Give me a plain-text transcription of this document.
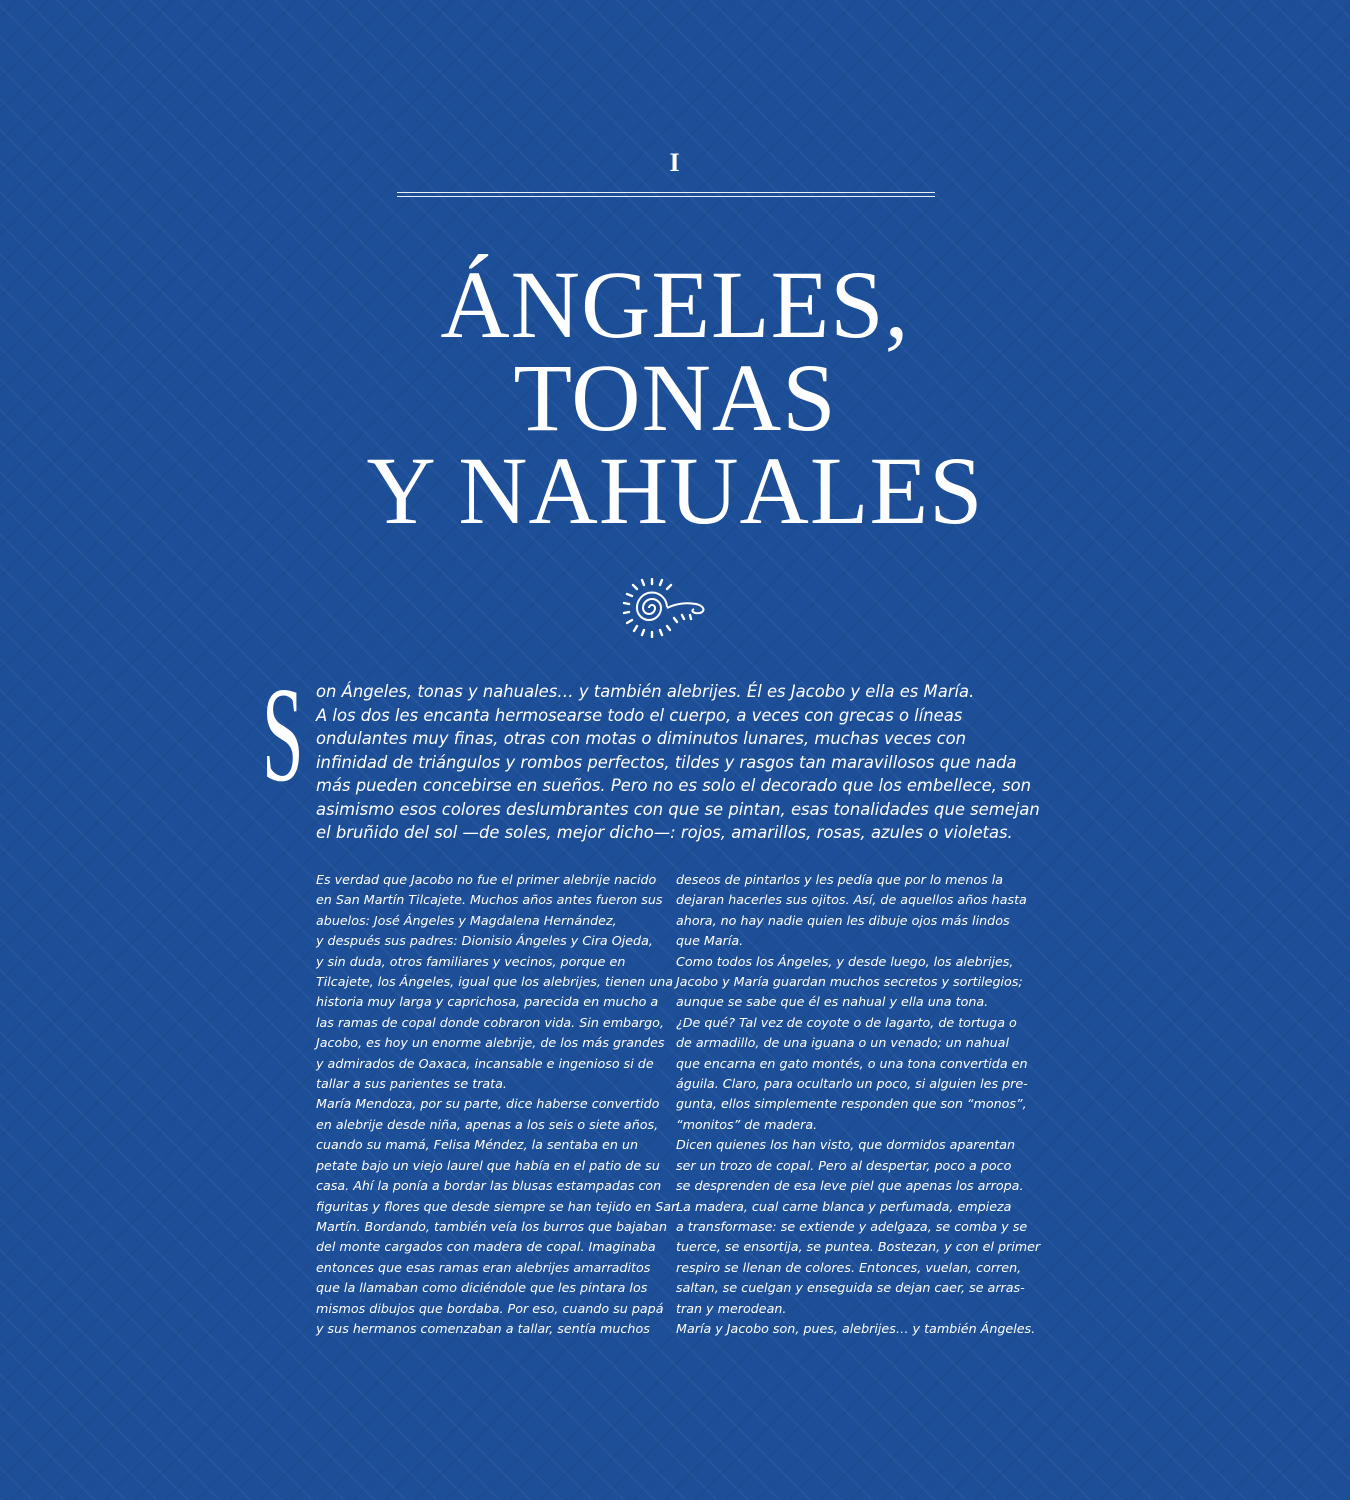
I
ÁNGELES,
TONAS
Y NAHUALES
S on Ángeles, tonas y nahuales… y también alebrijes. Él es Jacobo y ella es María.
A los dos les encanta hermosearse todo el cuerpo, a veces con grecas o líneas
ondulantes muy finas, otras con motas o diminutos lunares, muchas veces con
infinidad de triángulos y rombos perfectos, tildes y rasgos tan maravillosos que nada
más pueden concebirse en sueños. Pero no es solo el decorado que los embellece, son
asimismo esos colores deslumbrantes con que se pintan, esas tonalidades que semejan
el bruñido del sol —de soles, mejor dicho—: rojos, amarillos, rosas, azules o violetas.
Es verdad que Jacobo no fue el primer alebrije nacido
en San Martín Tilcajete. Muchos años antes fueron sus
abuelos: José Ángeles y Magdalena Hernández,
y después sus padres: Dionisio Ángeles y Cira Ojeda,
y sin duda, otros familiares y vecinos, porque en
Tilcajete, los Ángeles, igual que los alebrijes, tienen una
historia muy larga y caprichosa, parecida en mucho a
las ramas de copal donde cobraron vida. Sin embargo,
Jacobo, es hoy un enorme alebrije, de los más grandes
y admirados de Oaxaca, incansable e ingenioso si de
tallar a sus parientes se trata.
María Mendoza, por su parte, dice haberse convertido
en alebrije desde niña, apenas a los seis o siete años,
cuando su mamá, Felisa Méndez, la sentaba en un
petate bajo un viejo laurel que había en el patio de su
casa. Ahí la ponía a bordar las blusas estampadas con
figuritas y flores que desde siempre se han tejido en San
Martín. Bordando, también veía los burros que bajaban
del monte cargados con madera de copal. Imaginaba
entonces que esas ramas eran alebrijes amarraditos
que la llamaban como diciéndole que les pintara los
mismos dibujos que bordaba. Por eso, cuando su papá
y sus hermanos comenzaban a tallar, sentía muchos
deseos de pintarlos y les pedía que por lo menos la
dejaran hacerles sus ojitos. Así, de aquellos años hasta
ahora, no hay nadie quien les dibuje ojos más lindos
que María.
Como todos los Ángeles, y desde luego, los alebrijes,
Jacobo y María guardan muchos secretos y sortilegios;
aunque se sabe que él es nahual y ella una tona.
¿De qué? Tal vez de coyote o de lagarto, de tortuga o
de armadillo, de una iguana o un venado; un nahual
que encarna en gato montés, o una tona convertida en
águila. Claro, para ocultarlo un poco, si alguien les pre-
gunta, ellos simplemente responden que son “monos”,
“monitos” de madera.
Dicen quienes los han visto, que dormidos aparentan
ser un trozo de copal. Pero al despertar, poco a poco
se desprenden de esa leve piel que apenas los arropa.
La madera, cual carne blanca y perfumada, empieza
a transformase: se extiende y adelgaza, se comba y se
tuerce, se ensortija, se puntea. Bostezan, y con el primer
respiro se llenan de colores. Entonces, vuelan, corren,
saltan, se cuelgan y enseguida se dejan caer, se arras-
tran y merodean.
María y Jacobo son, pues, alebrijes… y también Ángeles.
